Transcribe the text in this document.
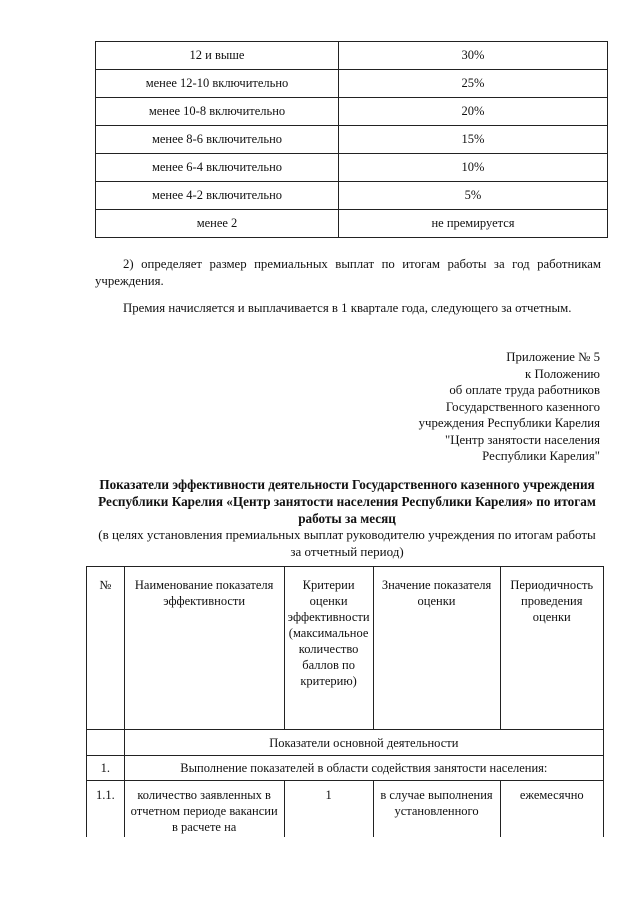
12 и выше	30%
менее 12-10 включительно	25%
менее 10-8 включительно	20%
менее 8-6 включительно	15%
менее 6-4 включительно	10%
менее 4-2 включительно	5%
менее 2	не премируется
2) определяет размер премиальных выплат по итогам работы за год работникам учреждения.
Премия начисляется и выплачивается в 1 квартале года, следующего за отчетным.
Приложение № 5
к Положению
об оплате труда работников
Государственного казенного
учреждения Республики Карелия
"Центр занятости населения
Республики Карелия"
Показатели эффективности деятельности Государственного казенного учреждения Республики Карелия «Центр занятости населения Республики Карелия» по итогам работы за месяц
(в целях установления премиальных выплат руководителю учреждения по итогам работы за отчетный период)
№	Наименование показателя эффективности	Критерии оценки эффективности (максимальное количество баллов по критерию)	Значение показателя оценки	Периодичность проведения оценки
	Показатели основной деятельности			
1.	Выполнение показателей в области содействия занятости населения:			
1.1.	количество заявленных в отчетном периоде вакансии в расчете на	1	в случае выполнения установленного	ежемесячно
